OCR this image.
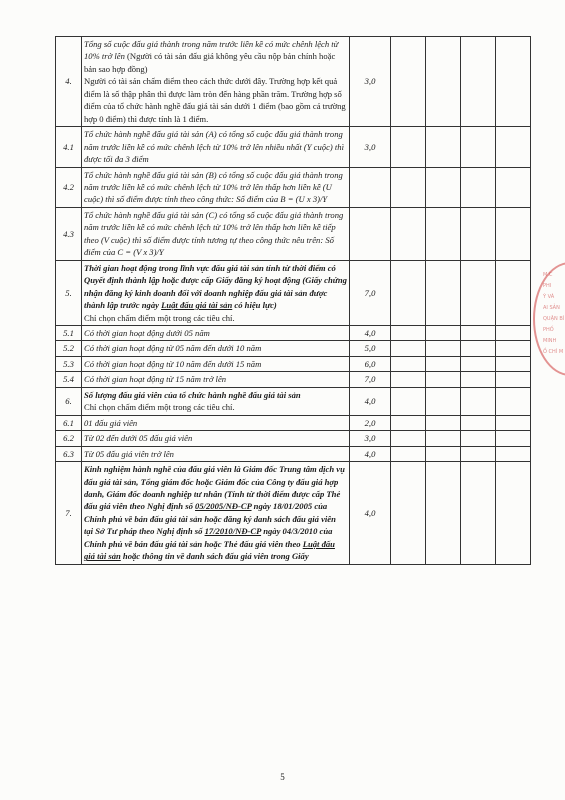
4.	Tổng số cuộc đấu giá thành trong năm trước liền kề có mức chênh lệch từ 10% trở lên (Người có tài sản đấu giá không yêu cầu nộp bản chính hoặc bản sao hợp đồng)
Người có tài sản chấm điểm theo cách thức dưới đây. Trường hợp kết quả điểm là số thập phân thì được làm tròn đến hàng phần trăm. Trường hợp số điểm của tổ chức hành nghề đấu giá tài sản dưới 1 điểm (bao gồm cả trường hợp 0 điểm) thì được tính là 1 điểm.	3,0				
4.1	Tổ chức hành nghề đấu giá tài sản (A) có tổng số cuộc đấu giá thành trong năm trước liền kề có mức chênh lệch từ 10% trở lên nhiều nhất (Y cuộc) thì được tối đa 3 điểm	3,0				
4.2	Tổ chức hành nghề đấu giá tài sản (B) có tổng số cuộc đấu giá thành trong năm trước liền kề có mức chênh lệch từ 10% trở lên thấp hơn liền kề (U cuộc) thì số điểm được tính theo công thức: Số điểm của B = (U x 3)/Y					
4.3	Tổ chức hành nghề đấu giá tài sản (C) có tổng số cuộc đấu giá thành trong năm trước liền kề có mức chênh lệch từ 10% trở lên thấp hơn liền kề tiếp theo (V cuộc) thì số điểm được tính tương tự theo công thức nêu trên: Số điểm của C = (V x 3)/Y					
5.	Thời gian hoạt động trong lĩnh vực đấu giá tài sản tính từ thời điểm có Quyết định thành lập hoặc được cấp Giấy đăng ký hoạt động (Giấy chứng nhận đăng ký kinh doanh đối với doanh nghiệp đấu giá tài sản được thành lập trước ngày Luật đấu giá tài sản có hiệu lực)
Chỉ chọn chấm điểm một trong các tiêu chí.	7,0				
5.1	Có thời gian hoạt động dưới 05 năm	4,0				
5.2	Có thời gian hoạt động từ 05 năm đến dưới 10 năm	5,0				
5.3	Có thời gian hoạt động từ 10 năm đến dưới 15 năm	6,0				
5.4	Có thời gian hoạt động từ 15 năm trở lên	7,0				
6.	Số lượng đấu giá viên của tổ chức hành nghề đấu giá tài sản
Chỉ chọn chấm điểm một trong các tiêu chí.	4,0				
6.1	01 đấu giá viên	2,0				
6.2	Từ 02 đến dưới 05 đấu giá viên	3,0				
6.3	Từ 05 đấu giá viên trở lên	4,0				
7.	Kinh nghiệm hành nghề của đấu giá viên là Giám đốc Trung tâm dịch vụ đấu giá tài sản, Tổng giám đốc hoặc Giám đốc của Công ty đấu giá hợp danh, Giám đốc doanh nghiệp tư nhân (Tính từ thời điểm được cấp Thẻ đấu giá viên theo Nghị định số 05/2005/NĐ-CP ngày 18/01/2005 của Chính phủ về bán đấu giá tài sản hoặc đăng ký danh sách đấu giá viên tại Sở Tư pháp theo Nghị định số 17/2010/NĐ-CP ngày 04/3/2010 của Chính phủ về bán đấu giá tài sản hoặc Thẻ đấu giá viên theo Luật đấu giá tài sản hoặc thông tin về danh sách đấu giá viên trong Giấy	4,0				
5
M.C
PHI
Ý VÀ
AI SẢN
QUẬN BÌ
PHỐ
MINH
Ồ CHÍ M
